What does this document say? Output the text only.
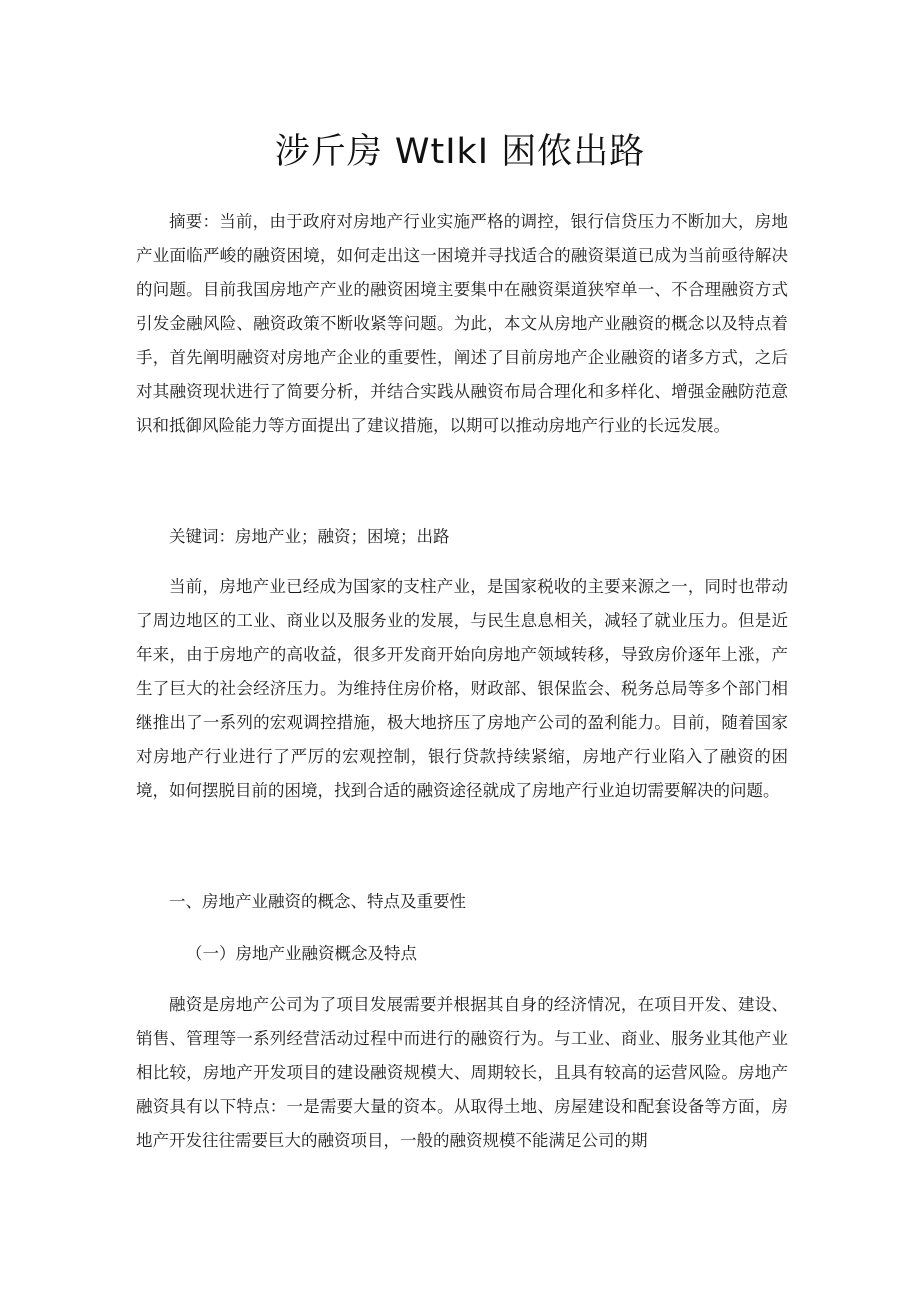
涉斤房 WtIkI 困侬出路

摘要：当前，由于政府对房地产行业实施严格的调控，银行信贷压力不断加大，房地产业面临严峻的融资困境，如何走出这一困境并寻找适合的融资渠道已成为当前亟待解决的问题。目前我国房地产产业的融资困境主要集中在融资渠道狭窄单一、不合理融资方式引发金融风险、融资政策不断收紧等问题。为此，本文从房地产业融资的概念以及特点着手，首先阐明融资对房地产企业的重要性，阐述了目前房地产企业融资的诸多方式，之后对其融资现状进行了简要分析，并结合实践从融资布局合理化和多样化、增强金融防范意识和抵御风险能力等方面提出了建议措施，以期可以推动房地产行业的长远发展。

关键词：房地产业；融资；困境；出路

当前，房地产业已经成为国家的支柱产业，是国家税收的主要来源之一，同时也带动了周边地区的工业、商业以及服务业的发展，与民生息息相关，减轻了就业压力。但是近年来，由于房地产的高收益，很多开发商开始向房地产领域转移，导致房价逐年上涨，产生了巨大的社会经济压力。为维持住房价格，财政部、银保监会、税务总局等多个部门相继推出了一系列的宏观调控措施，极大地挤压了房地产公司的盈利能力。目前，随着国家对房地产行业进行了严厉的宏观控制，银行贷款持续紧缩，房地产行业陷入了融资的困境，如何摆脱目前的困境，找到合适的融资途径就成了房地产行业迫切需要解决的问题。

一、房地产业融资的概念、特点及重要性

（一）房地产业融资概念及特点

融资是房地产公司为了项目发展需要并根据其自身的经济情况，在项目开发、建设、销售、管理等一系列经营活动过程中而进行的融资行为。与工业、商业、服务业其他产业相比较，房地产开发项目的建设融资规模大、周期较长，且具有较高的运营风险。房地产融资具有以下特点：一是需要大量的资本。从取得土地、房屋建设和配套设备等方面，房地产开发往往需要巨大的融资项目，一般的融资规模不能满足公司的期
